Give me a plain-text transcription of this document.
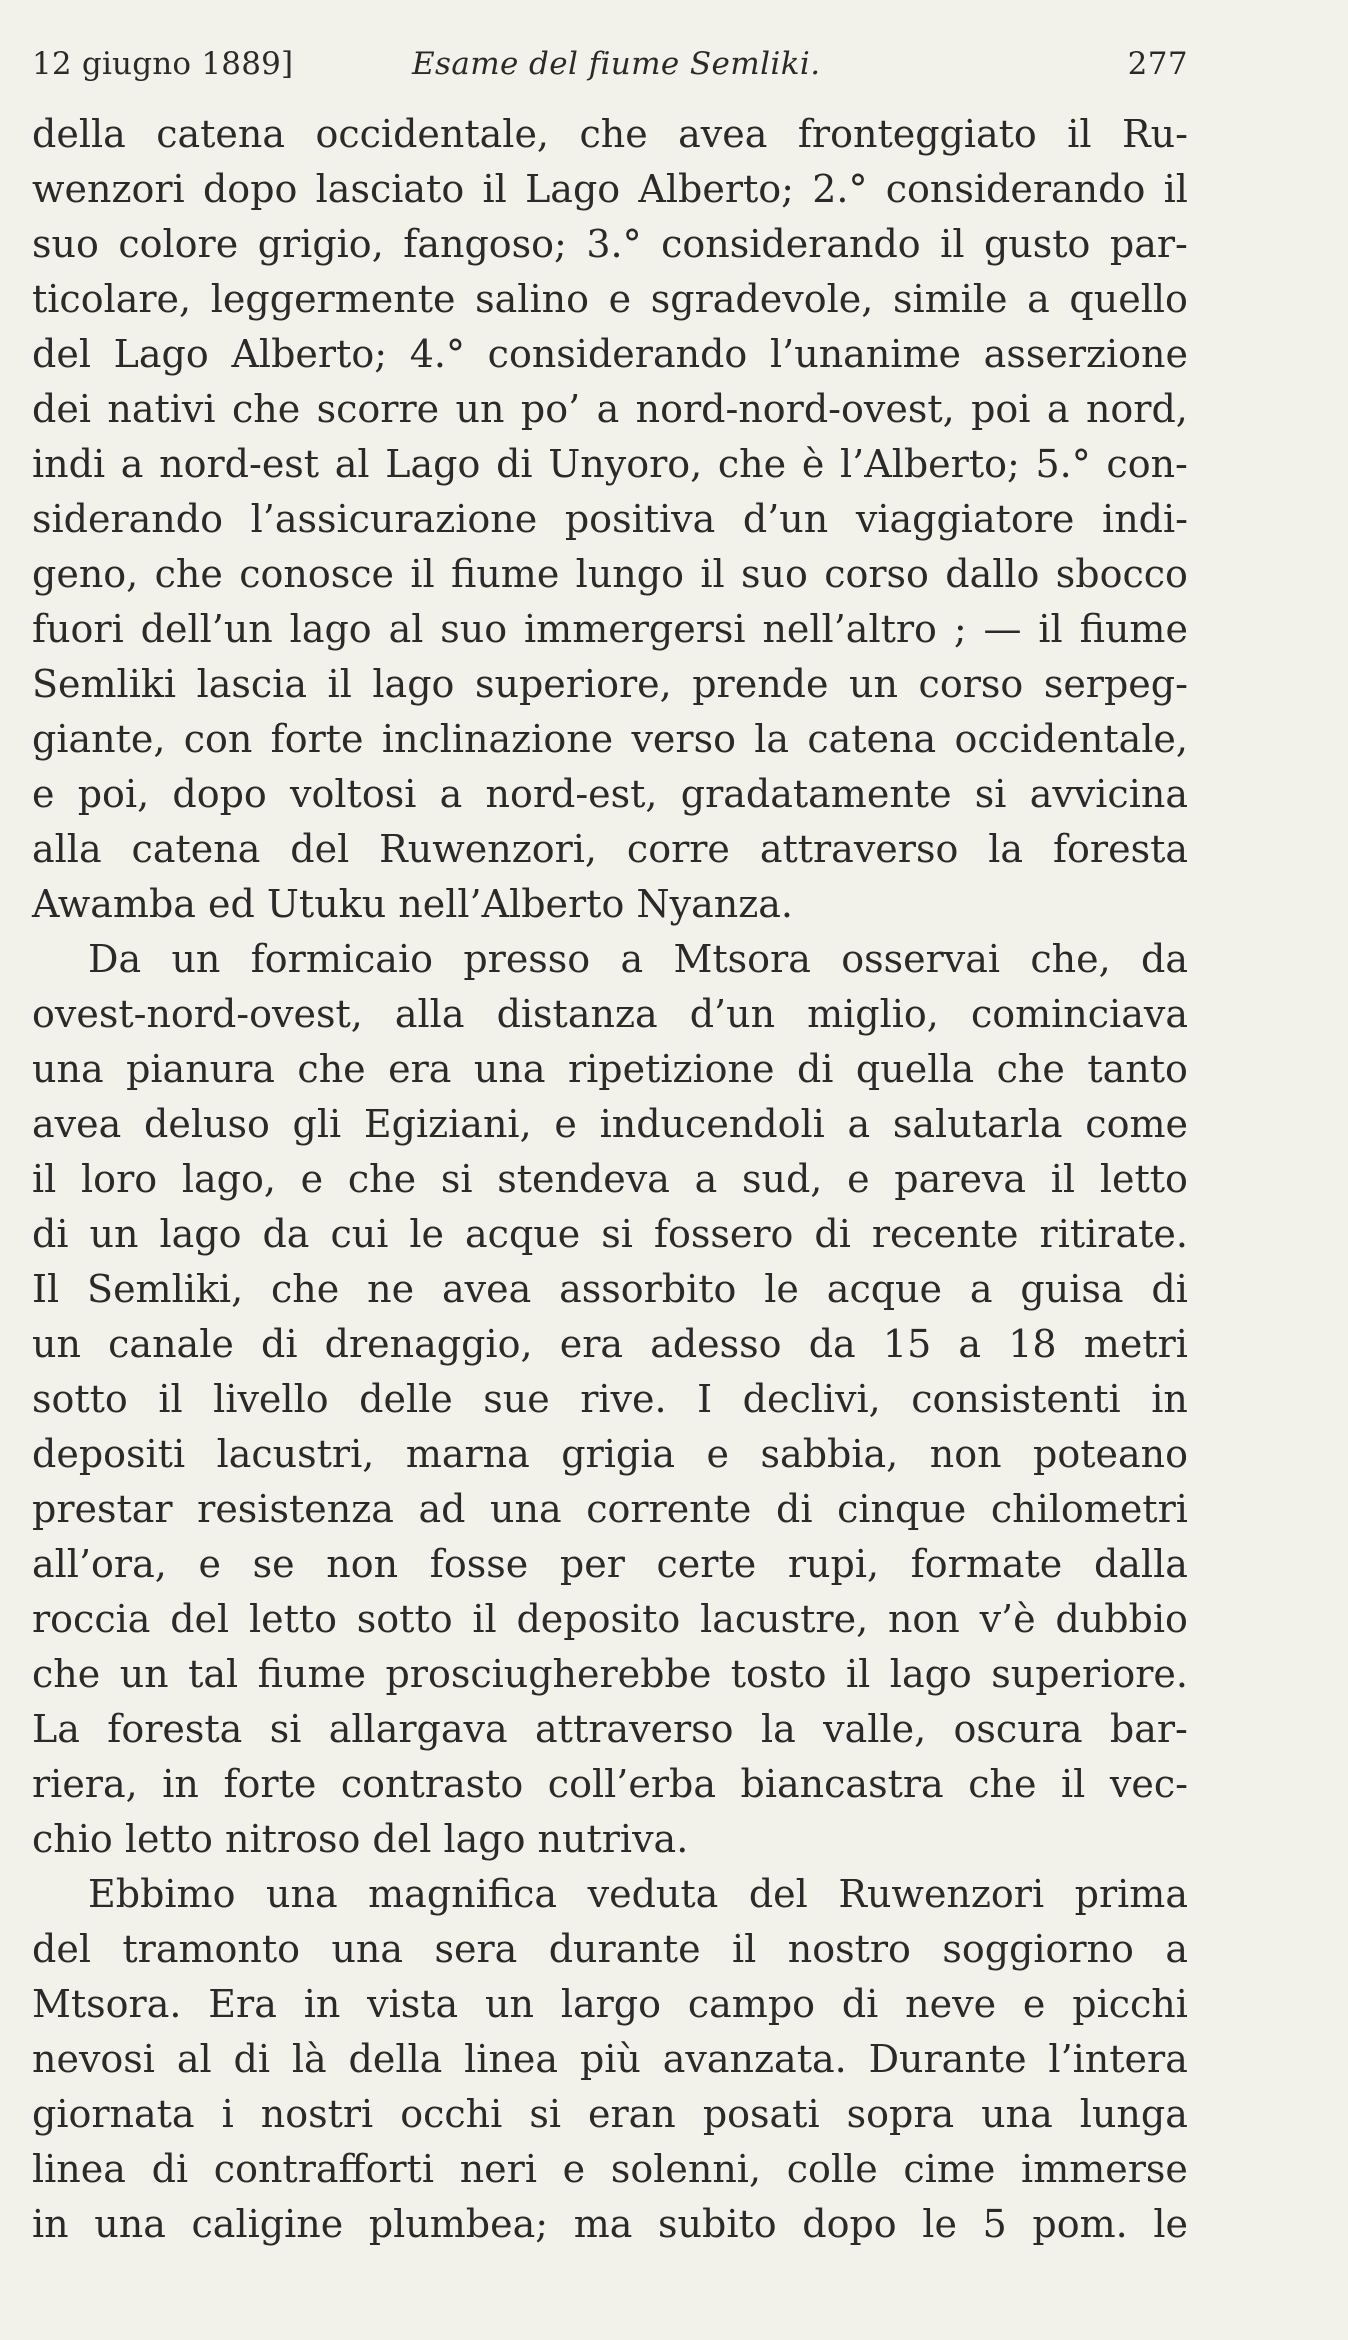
12 giugno 1889]	Esame del fiume Semliki.	277
della catena occidentale, che avea fronteggiato il Ru-
wenzori dopo lasciato il Lago Alberto; 2.° considerando il
suo colore grigio, fangoso; 3.° considerando il gusto par-
ticolare, leggermente salino e sgradevole, simile a quello
del Lago Alberto; 4.° considerando l’unanime asserzione
dei nativi che scorre un po’ a nord-nord-ovest, poi a nord,
indi a nord-est al Lago di Unyoro, che è l’Alberto; 5.° con-
siderando l’assicurazione positiva d’un viaggiatore indi-
geno, che conosce il fiume lungo il suo corso dallo sbocco
fuori dell’un lago al suo immergersi nell’altro ; — il fiume
Semliki lascia il lago superiore, prende un corso serpeg-
giante, con forte inclinazione verso la catena occidentale,
e poi, dopo voltosi a nord-est, gradatamente si avvicina
alla catena del Ruwenzori, corre attraverso la foresta
Awamba ed Utuku nell’Alberto Nyanza.
Da un formicaio presso a Mtsora osservai che, da
ovest-nord-ovest, alla distanza d’un miglio, cominciava
una pianura che era una ripetizione di quella che tanto
avea deluso gli Egiziani, e inducendoli a salutarla come
il loro lago, e che si stendeva a sud, e pareva il letto
di un lago da cui le acque si fossero di recente ritirate.
Il Semliki, che ne avea assorbito le acque a guisa di
un canale di drenaggio, era adesso da 15 a 18 metri
sotto il livello delle sue rive. I declivi, consistenti in
depositi lacustri, marna grigia e sabbia, non poteano
prestar resistenza ad una corrente di cinque chilometri
all’ora, e se non fosse per certe rupi, formate dalla
roccia del letto sotto il deposito lacustre, non v’è dubbio
che un tal fiume prosciugherebbe tosto il lago superiore.
La foresta si allargava attraverso la valle, oscura bar-
riera, in forte contrasto coll’erba biancastra che il vec-
chio letto nitroso del lago nutriva.
Ebbimo una magnifica veduta del Ruwenzori prima
del tramonto una sera durante il nostro soggiorno a
Mtsora. Era in vista un largo campo di neve e picchi
nevosi al di là della linea più avanzata. Durante l’intera
giornata i nostri occhi si eran posati sopra una lunga
linea di contrafforti neri e solenni, colle cime immerse
in una caligine plumbea; ma subito dopo le 5 pom. le
